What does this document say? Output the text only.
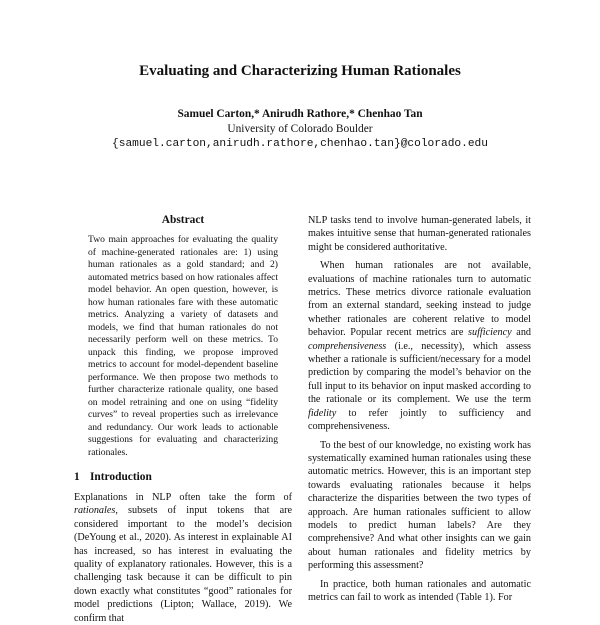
Evaluating and Characterizing Human Rationales
Samuel Carton,* Anirudh Rathore,* Chenhao Tan
University of Colorado Boulder
{samuel.carton,anirudh.rathore,chenhao.tan}@colorado.edu
Abstract

Two main approaches for evaluating the quality of machine-generated rationales are: 1) using human rationales as a gold standard; and 2) automated metrics based on how rationales affect model behavior. An open question, however, is how human rationales fare with these automatic metrics. Analyzing a variety of datasets and models, we find that human rationales do not necessarily perform well on these metrics. To unpack this finding, we propose improved metrics to account for model-dependent baseline performance. We then propose two methods to further characterize rationale quality, one based on model retraining and one on using “fidelity curves” to reveal properties such as irrelevance and redundancy. Our work leads to actionable suggestions for evaluating and characterizing rationales.

1 Introduction

Explanations in NLP often take the form of rationales, subsets of input tokens that are considered important to the model’s decision (DeYoung et al., 2020). As interest in explainable AI has increased, so has interest in evaluating the quality of explanatory rationales. However, this is a challenging task because it can be difficult to pin down exactly what constitutes “good” rationales for model predictions (Lipton; Wallace, 2019). We confirm that

NLP tasks tend to involve human-generated labels, it makes intuitive sense that human-generated rationales might be considered authoritative.

When human rationales are not available, evaluations of machine rationales turn to automatic metrics. These metrics divorce rationale evaluation from an external standard, seeking instead to judge whether rationales are coherent relative to model behavior. Popular recent metrics are sufficiency and comprehensiveness (i.e., necessity), which assess whether a rationale is sufficient/necessary for a model prediction by comparing the model’s behavior on the full input to its behavior on input masked according to the rationale or its complement. We use the term fidelity to refer jointly to sufficiency and comprehensiveness.

To the best of our knowledge, no existing work has systematically examined human rationales using these automatic metrics. However, this is an important step towards evaluating rationales because it helps characterize the disparities between the two types of approach. Are human rationales sufficient to allow models to predict human labels? Are they comprehensive? And what other insights can we gain about human rationales and fidelity metrics by performing this assessment?

In practice, both human rationales and automatic metrics can fail to work as intended (Table 1). For
